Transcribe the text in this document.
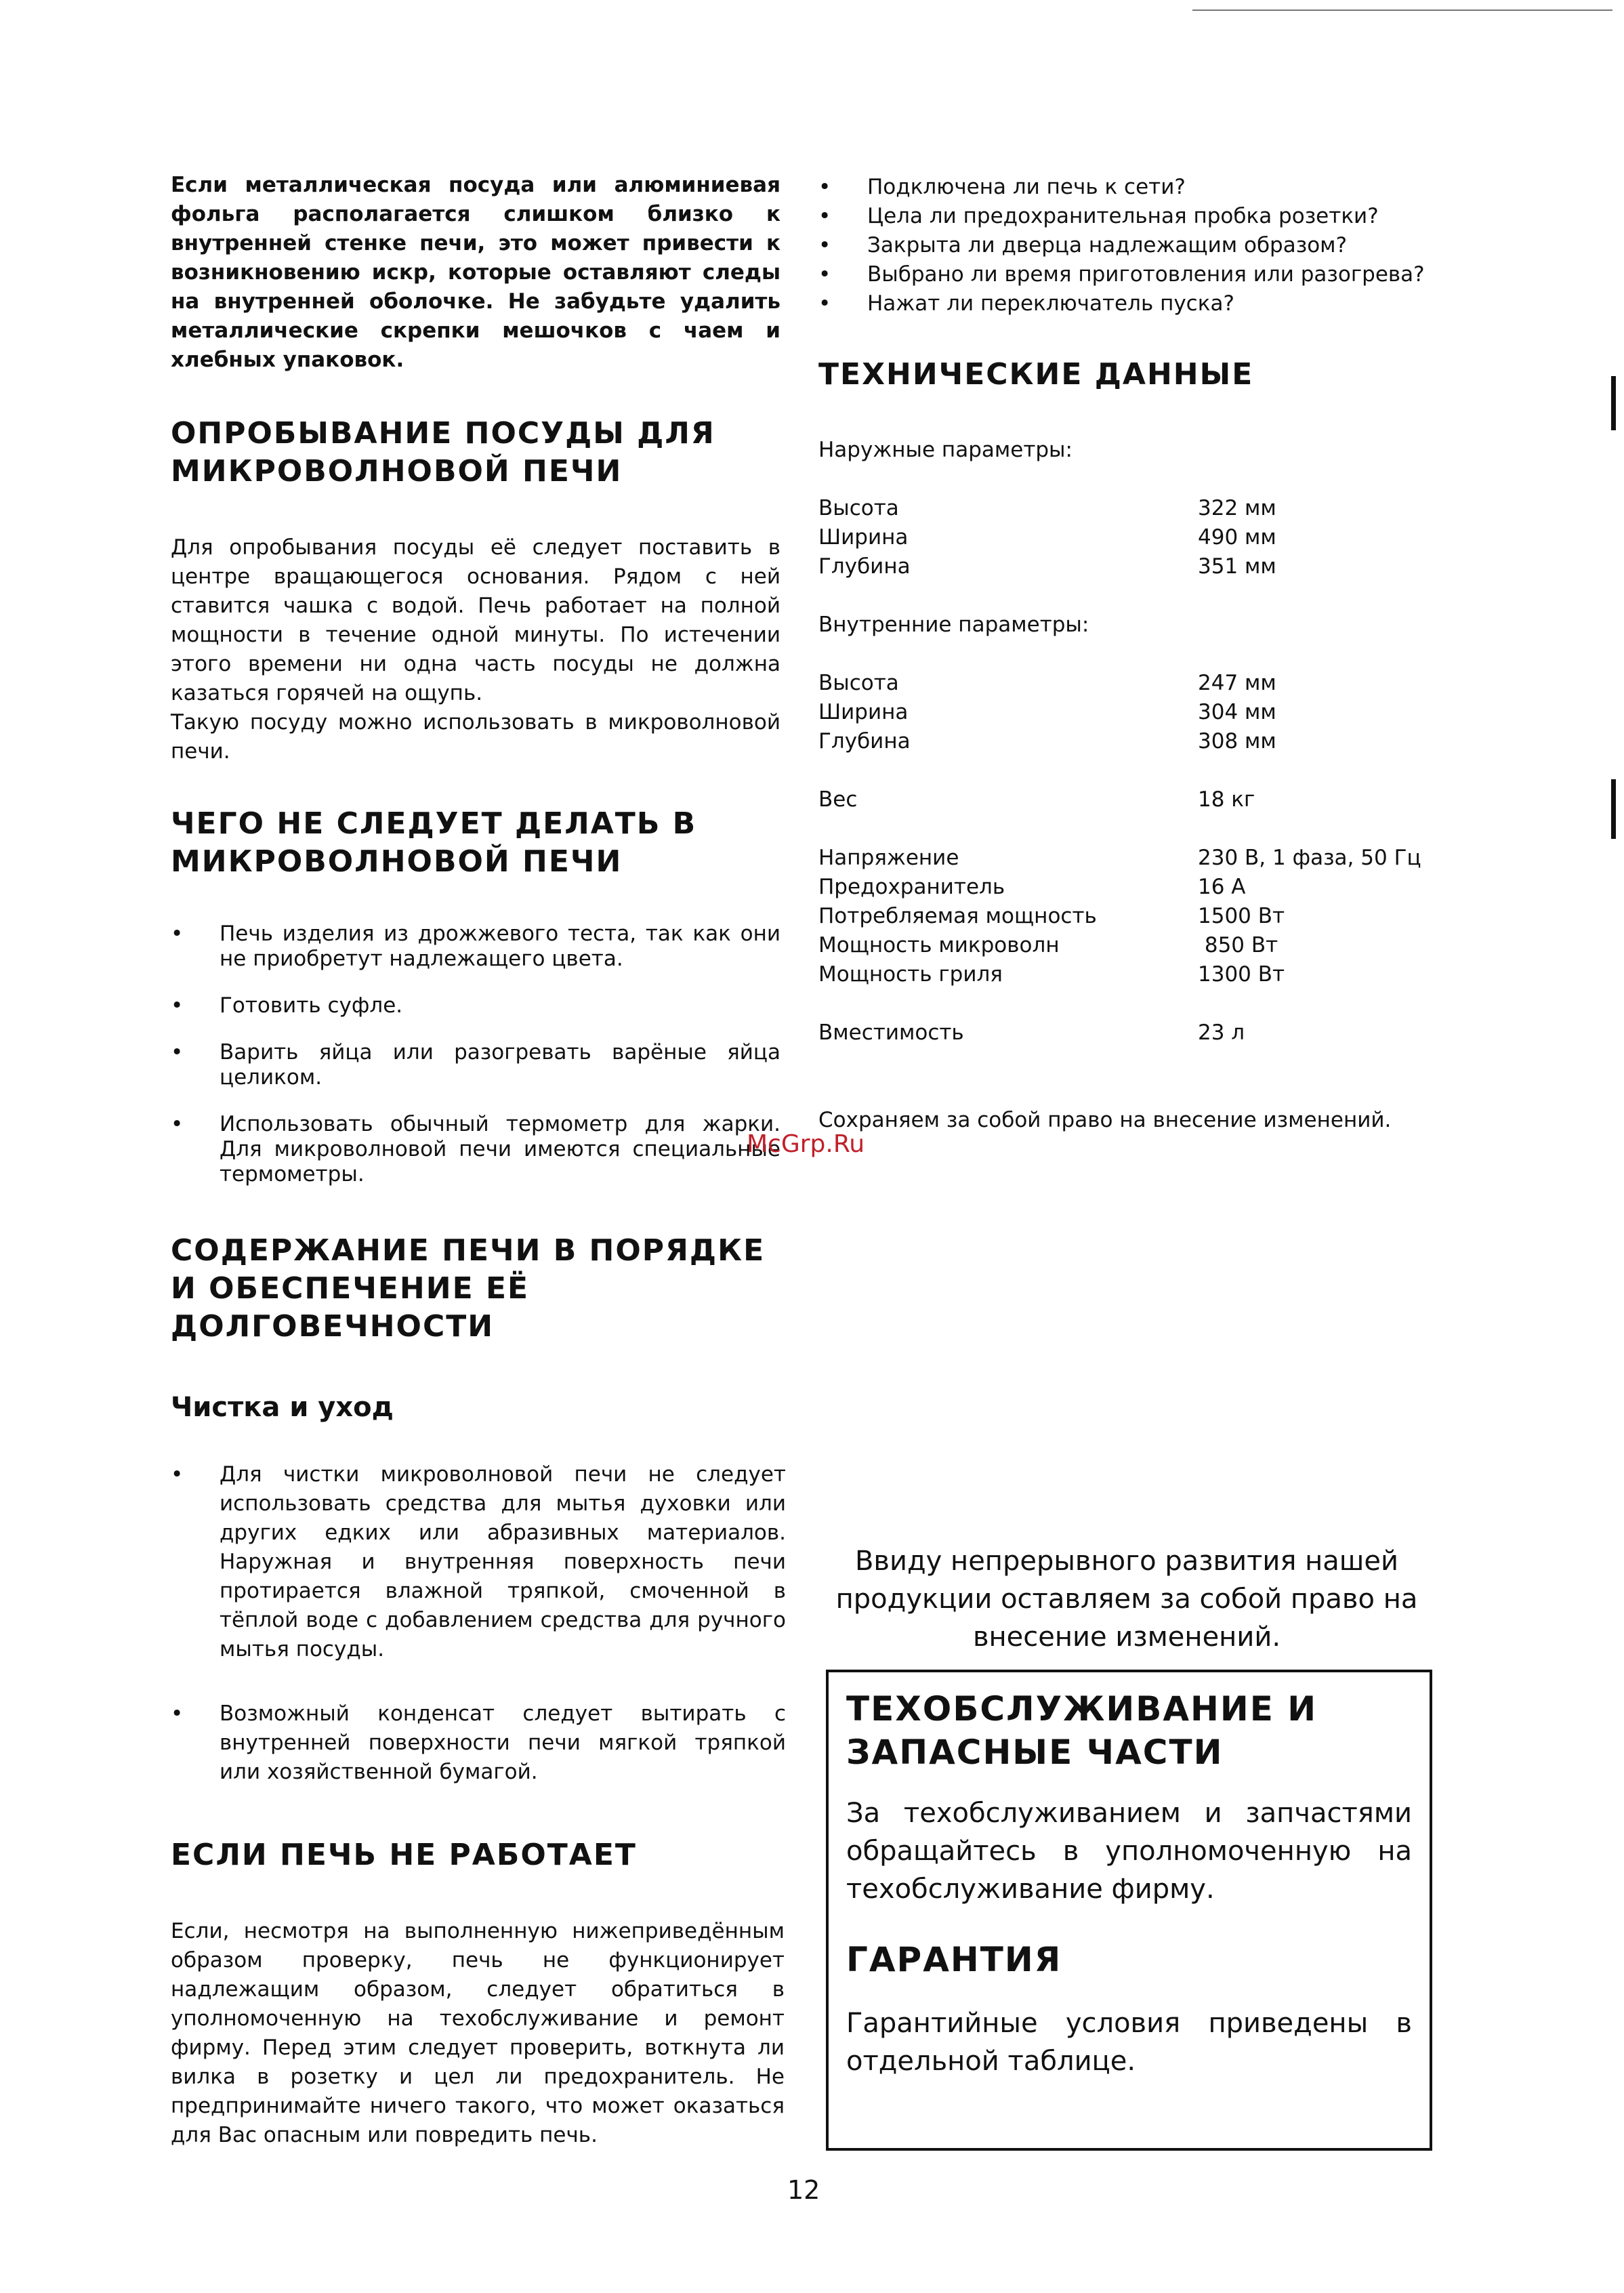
Если металлическая посуда или алюминиевая фольга располагается слишком близко к внутренней стенке печи, это может привести к возникновению искр, которые оставляют следы на внутренней оболочке. Не забудьте удалить металлические скрепки мешочков с чаем и хлебных упаковок.
ОПРОБЫВАНИЕ ПОСУДЫ ДЛЯ МИКРОВОЛНОВОЙ ПЕЧИ

Для опробывания посуды её следует поставить в центре вращающегося основания. Рядом с ней ставится чашка с водой. Печь работает на полной мощности в течение одной минуты. По истечении этого времени ни одна часть посуды не должна казаться горячей на ощупь.

Такую посуду можно использовать в микроволновой печи.

ЧЕГО НЕ СЛЕДУЕТ ДЕЛАТЬ В МИКРОВОЛНОВОЙ ПЕЧИ
• Печь изделия из дрожжевого теста, так как они не приобретут надлежащего цвета.
• Готовить суфле.
• Варить яйца или разогревать варёные яйца целиком.
• Использовать обычный термометр для жарки. Для микроволновой печи имеются специальные термометры.
СОДЕРЖАНИЕ ПЕЧИ В ПОРЯДКЕ И ОБЕСПЕЧЕНИЕ ЕЁ ДОЛГОВЕЧНОСТИ
Чистка и уход
• Для чистки микроволновой печи не следует использовать средства для мытья духовки или других едких или абразивных материалов. Наружная и внутренняя поверхность печи протирается влажной тряпкой, смоченной в тёплой воде с добавлением средства для ручного мытья посуды.
• Возможный конденсат следует вытирать с внутренней поверхности печи мягкой тряпкой или хозяйственной бумагой.
ЕСЛИ ПЕЧЬ НЕ РАБОТАЕТ

Если, несмотря на выполненную нижеприведённым образом проверку, печь не функционирует надлежащим образом, следует обратиться в уполномоченную на техобслуживание и ремонт фирму. Перед этим следует проверить, воткнута ли вилка в розетку и цел ли предохранитель. Не предпринимайте ничего такого, что может оказаться для Вас опасным или повредить печь.

• Подключена ли печь к сети?
• Цела ли предохранительная пробка розетки?
• Закрыта ли дверца надлежащим образом?
• Выбрано ли время приготовления или разогрева?
• Нажат ли переключатель пуска?
ТЕХНИЧЕСКИЕ ДАННЫЕ
Наружные параметры:
Высота	322 мм
Ширина	490 мм
Глубина	351 мм
Внутренние параметры:
Высота	247 мм
Ширина	304 мм
Глубина	308 мм
Вес	18 кг
Напряжение	230 В, 1 фаза, 50 Гц
Предохранитель	16 А
Потребляемая мощность	1500 Вт
Мощность микроволн	850 Вт
Мощность гриля	1300 Вт
Вместимость	23 л
Сохраняем за собой право на внесение изменений.
McGrp.Ru
Ввиду непрерывного развития нашей продукции оставляем за собой право на внесение изменений.
ТЕХОБСЛУЖИВАНИЕ И ЗАПАСНЫЕ ЧАСТИ

За техобслуживанием и запчастями обращайтесь в уполномоченную на техобслуживание фирму.

ГАРАНТИЯ

Гарантийные условия приведены в отдельной таблице.

12
